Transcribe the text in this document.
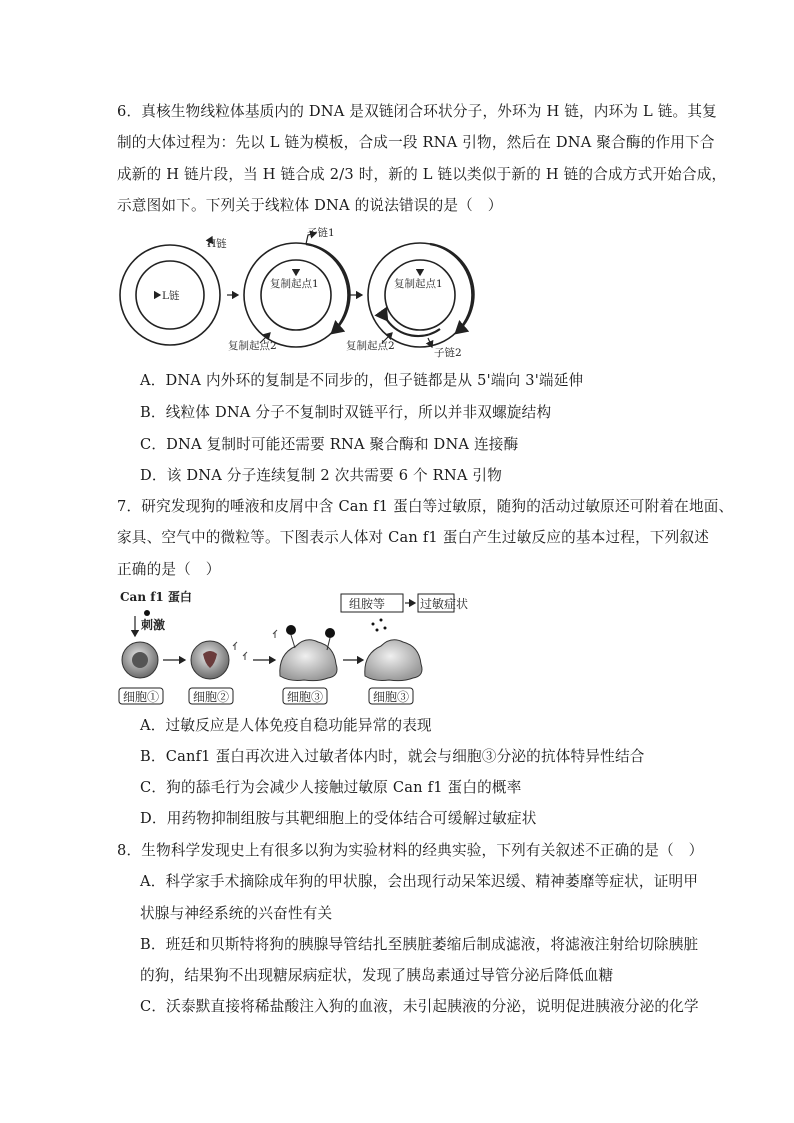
6．真核生物线粒体基质内的 DNA 是双链闭合环状分子，外环为 H 链，内环为 L 链。其复
制的大体过程为：先以 L 链为模板，合成一段 RNA 引物，然后在 DNA 聚合酶的作用下合
成新的 H 链片段，当 H 链合成 2/3 时，新的 L 链以类似于新的 H 链的合成方式开始合成，
示意图如下。下列关于线粒体 DNA 的说法错误的是（　）
H链
L链
子链1
复制起点1
复制起点2
复制起点1
复制起点2
子链2
A．DNA 内外环的复制是不同步的，但子链都是从 5'端向 3'端延伸
B．线粒体 DNA 分子不复制时双链平行，所以并非双螺旋结构
C．DNA 复制时可能还需要 RNA 聚合酶和 DNA 连接酶
D．该 DNA 分子连续复制 2 次共需要 6 个 RNA 引物
7．研究发现狗的唾液和皮屑中含 Can f1 蛋白等过敏原，随狗的活动过敏原还可附着在地面、
家具、空气中的微粒等。下图表示人体对 Can f1 蛋白产生过敏反应的基本过程，下列叙述
正确的是（　）
Can f1 蛋白
刺激
组胺等	过敏症状
细胞①	细胞②	细胞③	细胞③
A．过敏反应是人体免疫自稳功能异常的表现
B．Canf1 蛋白再次进入过敏者体内时，就会与细胞③分泌的抗体特异性结合
C．狗的舔毛行为会减少人接触过敏原 Can f1 蛋白的概率
D．用药物抑制组胺与其靶细胞上的受体结合可缓解过敏症状
8．生物科学发现史上有很多以狗为实验材料的经典实验，下列有关叙述不正确的是（　）
A．科学家手术摘除成年狗的甲状腺，会出现行动呆笨迟缓、精神萎靡等症状，证明甲
状腺与神经系统的兴奋性有关
B．班廷和贝斯特将狗的胰腺导管结扎至胰脏萎缩后制成滤液，将滤液注射给切除胰脏
的狗，结果狗不出现糖尿病症状，发现了胰岛素通过导管分泌后降低血糖
C．沃泰默直接将稀盐酸注入狗的血液，未引起胰液的分泌，说明促进胰液分泌的化学
